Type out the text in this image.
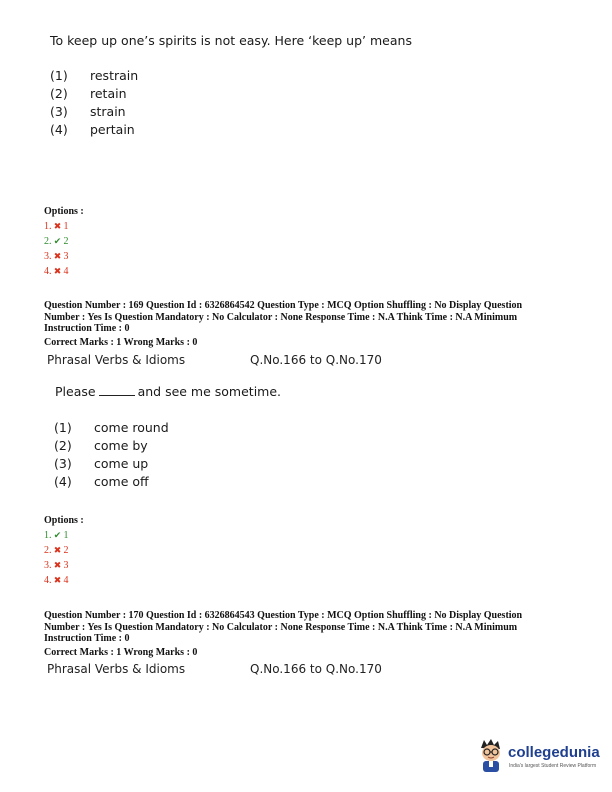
To keep up one’s spirits is not easy. Here ‘keep up’ means
(1) restrain
(2) retain
(3) strain
(4) pertain
Options :
1. ✖ 1
2. ✔ 2
3. ✖ 3
4. ✖ 4
Question Number : 169 Question Id : 6326864542 Question Type : MCQ Option Shuffling : No Display Question
Number : Yes Is Question Mandatory : No Calculator : None Response Time : N.A Think Time : N.A Minimum
Instruction Time : 0
Correct Marks : 1 Wrong Marks : 0
Phrasal Verbs & Idioms	Q.No.166 to Q.No.170
Please	and see me sometime.
(1) come round
(2) come by
(3) come up
(4) come off
Options :
1. ✔ 1
2. ✖ 2
3. ✖ 3
4. ✖ 4
Question Number : 170 Question Id : 6326864543 Question Type : MCQ Option Shuffling : No Display Question
Number : Yes Is Question Mandatory : No Calculator : None Response Time : N.A Think Time : N.A Minimum
Instruction Time : 0
Correct Marks : 1 Wrong Marks : 0
Phrasal Verbs & Idioms	Q.No.166 to Q.No.170
collegedunia
India's largest Student Review Platform
